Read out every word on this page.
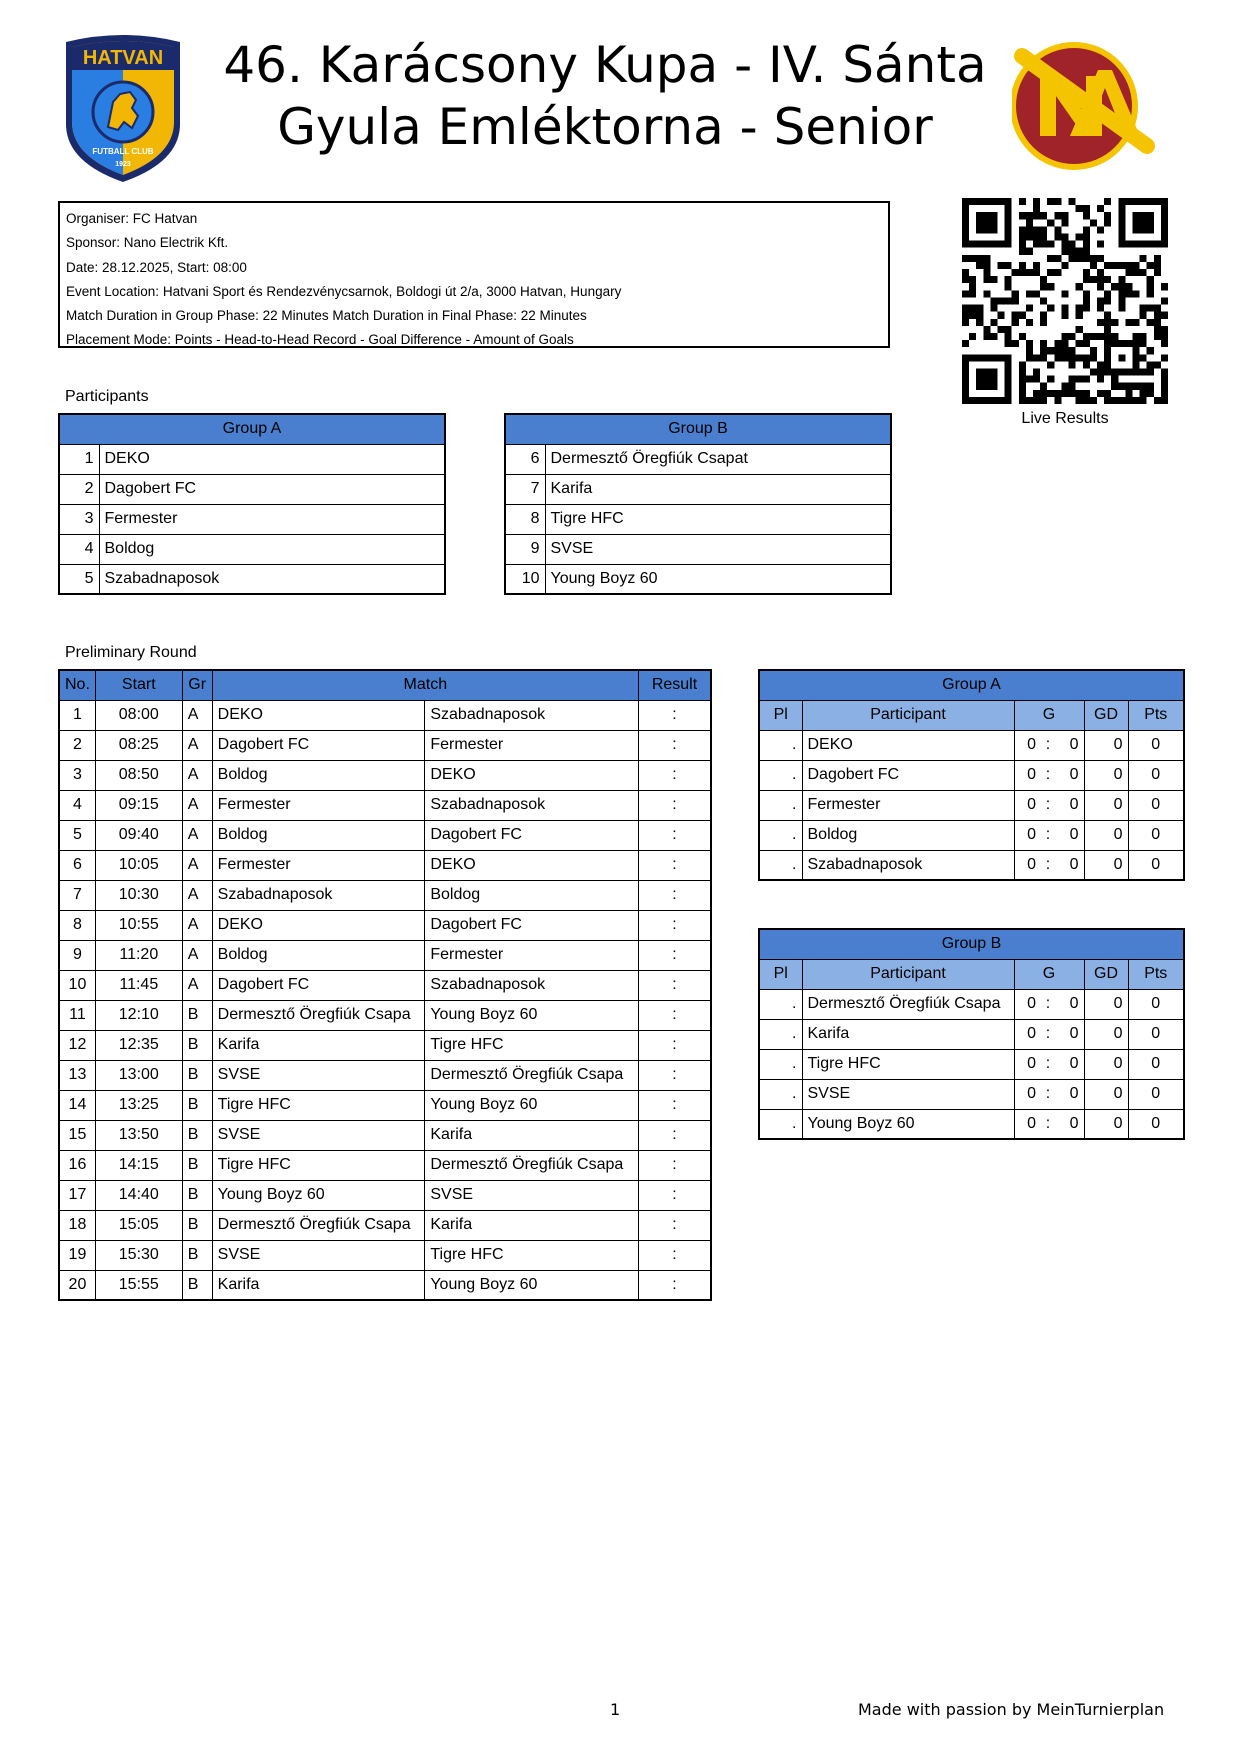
HATVAN
FUTBALL CLUB
1923
46. Karácsony Kupa - IV. Sánta
Gyula Emléktorna - Senior
Organiser: FC Hatvan
Sponsor: Nano Electrik Kft.
Date: 28.12.2025, Start: 08:00
Event Location: Hatvani Sport és Rendezvénycsarnok, Boldogi út 2/a, 3000 Hatvan, Hungary
Match Duration in Group Phase: 22 Minutes Match Duration in Final Phase: 22 Minutes
Placement Mode: Points - Head-to-Head Record - Goal Difference - Amount of Goals
Live Results
Participants
Group A	
1	DEKO
2	Dagobert FC
3	Fermester
4	Boldog
5	Szabadnaposok
Group B	
6	Dermesztő Öregfiúk Csapat
7	Karifa
8	Tigre HFC
9	SVSE
10	Young Boyz 60
Preliminary Round
No.	Start	Gr	Match		Result
1	08:00	A	DEKO	Szabadnaposok	:
2	08:25	A	Dagobert FC	Fermester	:
3	08:50	A	Boldog	DEKO	:
4	09:15	A	Fermester	Szabadnaposok	:
5	09:40	A	Boldog	Dagobert FC	:
6	10:05	A	Fermester	DEKO	:
7	10:30	A	Szabadnaposok	Boldog	:
8	10:55	A	DEKO	Dagobert FC	:
9	11:20	A	Boldog	Fermester	:
10	11:45	A	Dagobert FC	Szabadnaposok	:
11	12:10	B	Dermesztő Öregfiúk Csapa	Young Boyz 60	:
12	12:35	B	Karifa	Tigre HFC	:
13	13:00	B	SVSE	Dermesztő Öregfiúk Csapa	:
14	13:25	B	Tigre HFC	Young Boyz 60	:
15	13:50	B	SVSE	Karifa	:
16	14:15	B	Tigre HFC	Dermesztő Öregfiúk Csapa	:
17	14:40	B	Young Boyz 60	SVSE	:
18	15:05	B	Dermesztő Öregfiúk Csapa	Karifa	:
19	15:30	B	SVSE	Tigre HFC	:
20	15:55	B	Karifa	Young Boyz 60	:
Group A						
Pl	Participant	G			GD	Pts
.	DEKO	0	:	0	0	0
.	Dagobert FC	0	:	0	0	0
.	Fermester	0	:	0	0	0
.	Boldog	0	:	0	0	0
.	Szabadnaposok	0	:	0	0	0
Group B						
Pl	Participant	G			GD	Pts
.	Dermesztő Öregfiúk Csapa	0	:	0	0	0
.	Karifa	0	:	0	0	0
.	Tigre HFC	0	:	0	0	0
.	SVSE	0	:	0	0	0
.	Young Boyz 60	0	:	0	0	0
1	Made with passion by MeinTurnierplan
